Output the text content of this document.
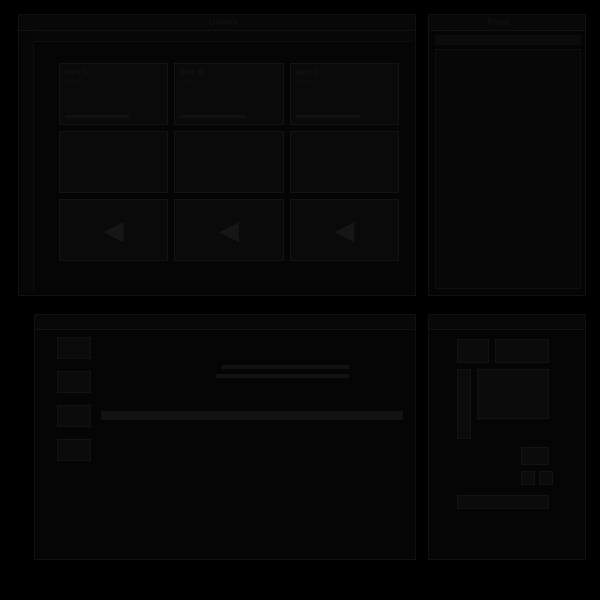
Gallery
Item A
label
Item B
label
Item C
label
◀	◀	◀
Panel
